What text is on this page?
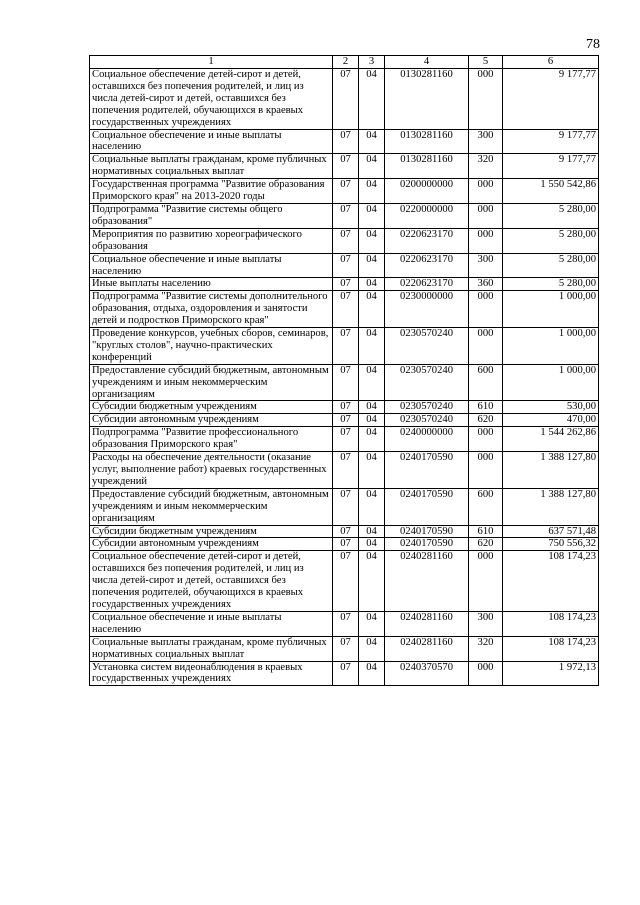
78
1	2	3	4	5	6
Социальное обеспечение детей-сирот и детей, оставшихся без попечения родителей, и лиц из числа детей-сирот и детей, оставшихся без попечения родителей, обучающихся в краевых государственных учреждениях	07	04	0130281160	000	9 177,77
Социальное обеспечение и иные выплаты населению	07	04	0130281160	300	9 177,77
Социальные выплаты гражданам, кроме публичных нормативных социальных выплат	07	04	0130281160	320	9 177,77
Государственная программа "Развитие образования Приморского края" на 2013-2020 годы	07	04	0200000000	000	1 550 542,86
Подпрограмма "Развитие системы общего образования"	07	04	0220000000	000	5 280,00
Мероприятия по развитию хореографического образования	07	04	0220623170	000	5 280,00
Социальное обеспечение и иные выплаты населению	07	04	0220623170	300	5 280,00
Иные выплаты населению	07	04	0220623170	360	5 280,00
Подпрограмма "Развитие системы дополнительного образования, отдыха, оздоровления и занятости детей и подростков Приморского края"	07	04	0230000000	000	1 000,00
Проведение конкурсов, учебных сборов, семинаров, "круглых столов", научно-практических конференций	07	04	0230570240	000	1 000,00
Предоставление субсидий бюджетным, автономным учреждениям и иным некоммерческим организациям	07	04	0230570240	600	1 000,00
Субсидии бюджетным учреждениям	07	04	0230570240	610	530,00
Субсидии автономным учреждениям	07	04	0230570240	620	470,00
Подпрограмма "Развитие профессионального образования Приморского края"	07	04	0240000000	000	1 544 262,86
Расходы на обеспечение деятельности (оказание услуг, выполнение работ) краевых государственных учреждений	07	04	0240170590	000	1 388 127,80
Предоставление субсидий бюджетным, автономным учреждениям и иным некоммерческим организациям	07	04	0240170590	600	1 388 127,80
Субсидии бюджетным учреждениям	07	04	0240170590	610	637 571,48
Субсидии автономным учреждениям	07	04	0240170590	620	750 556,32
Социальное обеспечение детей-сирот и детей, оставшихся без попечения родителей, и лиц из числа детей-сирот и детей, оставшихся без попечения родителей, обучающихся в краевых государственных учреждениях	07	04	0240281160	000	108 174,23
Социальное обеспечение и иные выплаты населению	07	04	0240281160	300	108 174,23
Социальные выплаты гражданам, кроме публичных нормативных социальных выплат	07	04	0240281160	320	108 174,23
Установка систем видеонаблюдения в краевых государственных учреждениях	07	04	0240370570	000	1 972,13
